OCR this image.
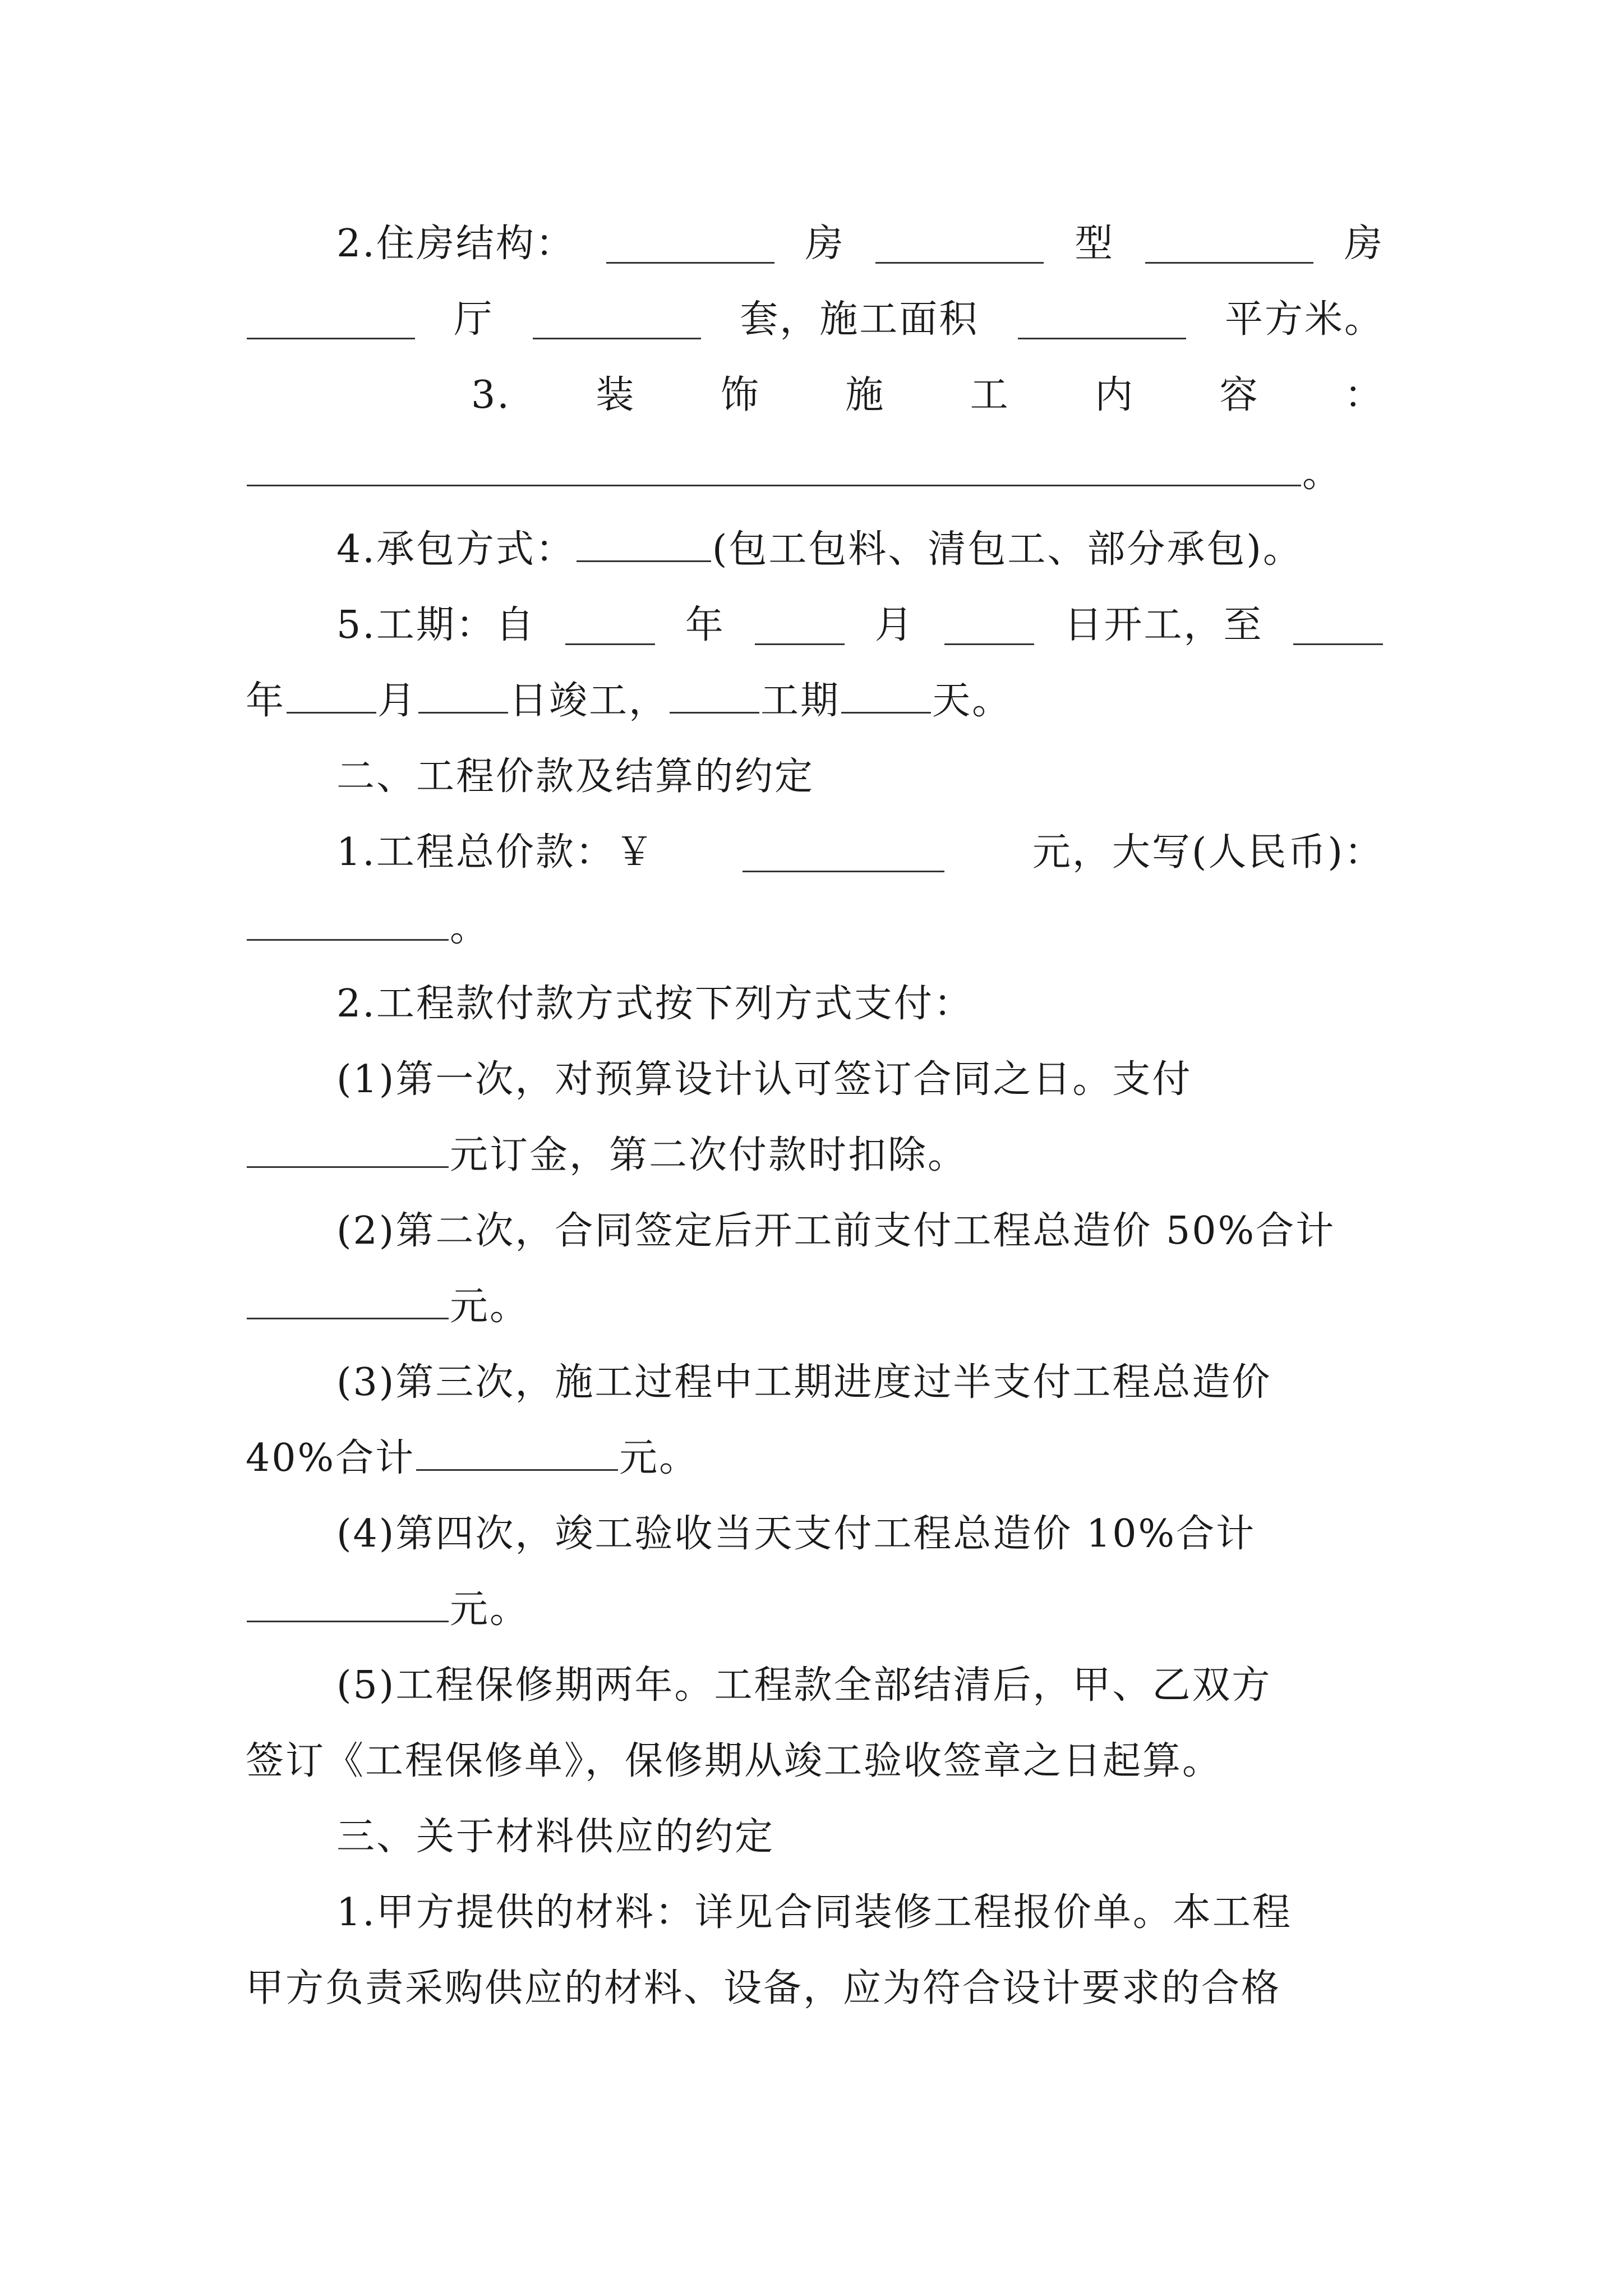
2.住房结构：	房	型	房
厅	套，施工面积	平方米。
3. 装 饰 施 工 内 容 ：
。
4.承包方式：	(包工包料、清包工、部分承包)。
5.工期：自	年	月	日开工，至
年 月 日竣工， 工期 天。
二、工程价款及结算的约定
1.工程总价款：￥	元，大写(人民币)：
。
2.工程款付款方式按下列方式支付：
(1)第一次，对预算设计认可签订合同之日。支付
元订金，第二次付款时扣除。
(2)第二次，合同签定后开工前支付工程总造价 50%合计
元。
(3)第三次，施工过程中工期进度过半支付工程总造价
40%合计	元。
(4)第四次，竣工验收当天支付工程总造价 10%合计
元。
(5)工程保修期两年。工程款全部结清后，甲、乙双方
签订《工程保修单》，保修期从竣工验收签章之日起算。
三、关于材料供应的约定
1.甲方提供的材料：详见合同装修工程报价单。本工程
甲方负责采购供应的材料、设备，应为符合设计要求的合格
